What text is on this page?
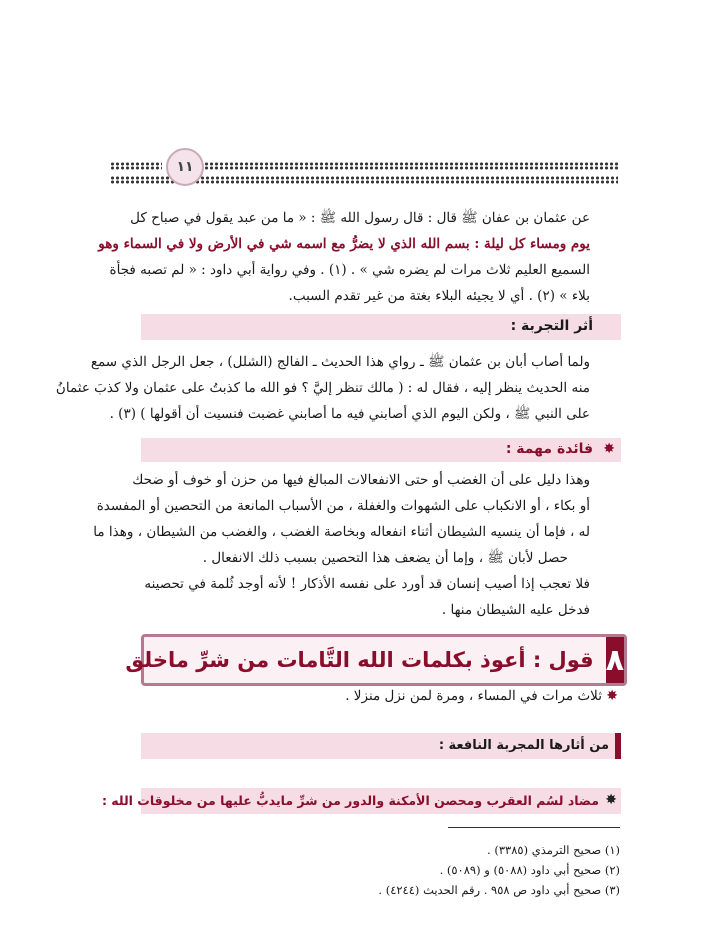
١١
عن عثمان بن عفان ﷺ قال : قال رسول الله ﷺ : « ما من عبد يقول في صباح كل
يوم ومساء كل ليلة : بسم الله الذي لا يضرُّ مع اسمه شي في الأرض ولا في السماء وهو
السميع العليم ثلاث مرات لم يضره شي » . (١) . وفي رواية أبي داود : « لم تصبه فجأة
بلاء » (٢) . أي لا يجيئه البلاء بغتة من غير تقدم السبب.
أثر التجربة :
ولما أصاب أبان بن عثمان ﷺ ـ رواي هذا الحديث ـ الفالج (الشلل) ، جعل الرجل الذي سمع
منه الحديث ينظر إليه ، فقال له : ( مالك تنظر إليَّ ؟ فو الله ما كذبتُ على عثمان ولا كذبَ عثمانُ
على النبي ﷺ ، ولكن اليوم الذي أصابني فيه ما أصابني غضبت فنسيت أن أقولها ) (٣) .
✸
فائدة مهمة :
وهذا دليل على أن الغضب أو حتى الانفعالات المبالغ فيها من حزن أو خوف أو ضحك
أو بكاء ، أو الانكباب على الشهوات والغفلة ، من الأسباب المانعة من التحصين أو المفسدة
له ، فإما أن ينسيه الشيطان أثناء انفعاله وبخاصة الغضب ، والغضب من الشيطان ، وهذا ما
حصل لأبان ﷺ ، وإما أن يضعف هذا التحصين بسبب ذلك الانفعال .
فلا تعجب إذا أصيب إنسان قد أورد على نفسه الأذكار ! لأنه أوجد ثُلمة في تحصينه
فدخل عليه الشيطان منها .
٨
قول : أعوذ بكلمات الله التَّامات من شرِّ ماخلق
✸ ثلاث مرات في المساء ، ومرة لمن نزل منزلا .
من أثارها المجربة النافعة :
✸
مضاد لسُم العقرب ومحصن الأمكنة والدور من شرِّ مايدبُّ عليها من مخلوقات الله :
(١) صحيح الترمذي (٣٣٨٥) .
(٢) صحيح أبي داود (٥٠٨٨) و (٥٠٨٩) .
(٣) صحيح أبي داود ص ٩٥٨ . رقم الحديث (٤٢٤٤) .
